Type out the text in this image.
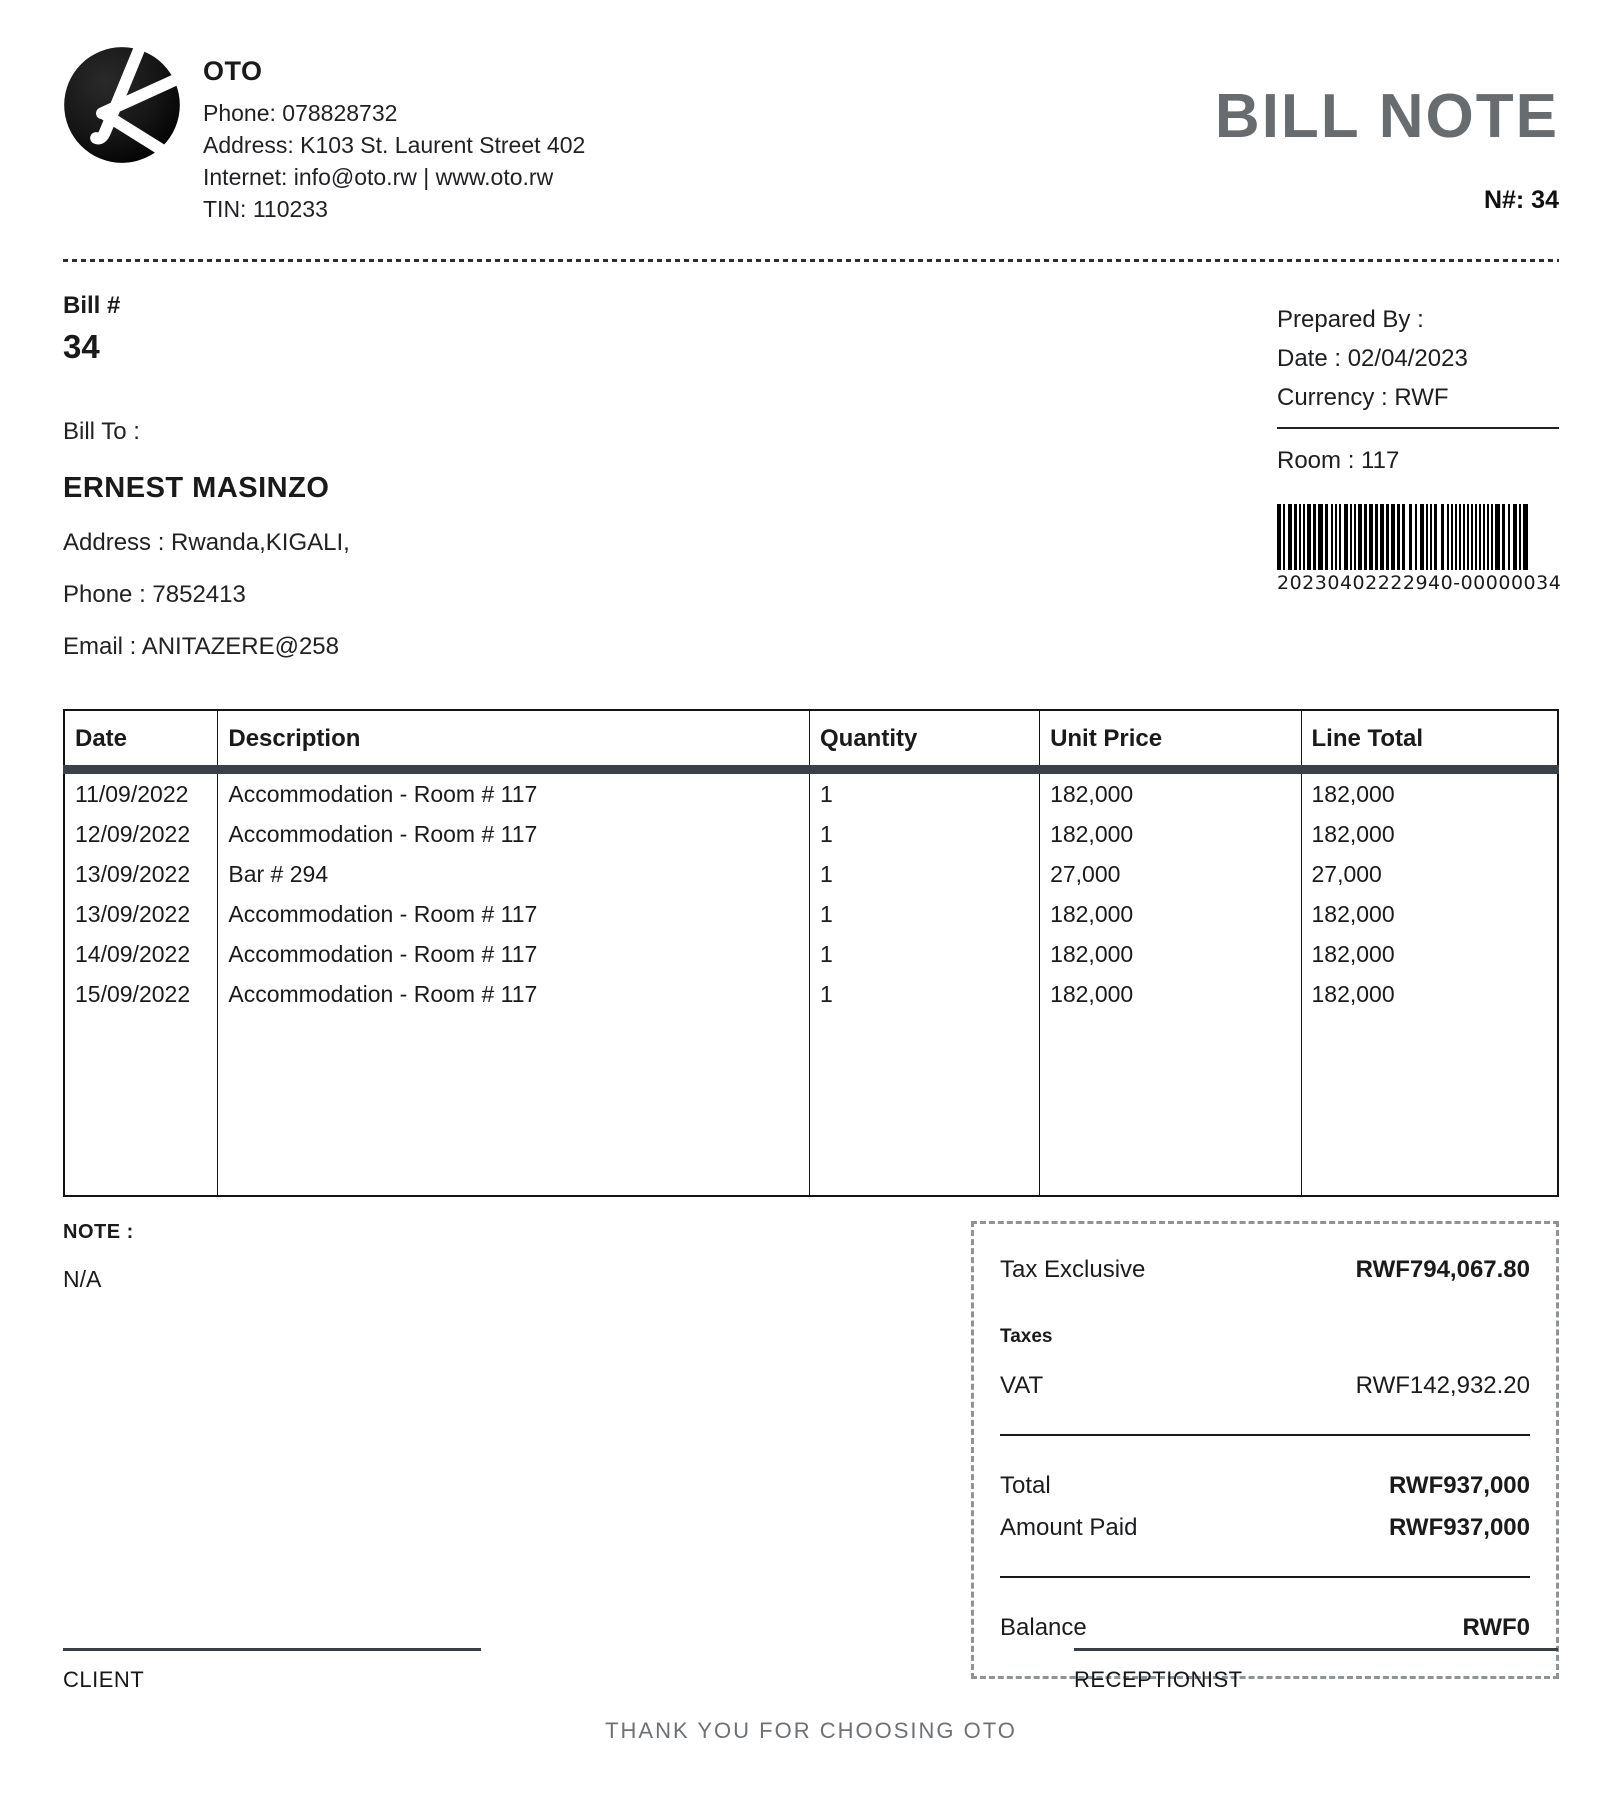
OTO
Phone: 078828732
Address: K103 St. Laurent Street 402
Internet: info@oto.rw | www.oto.rw
TIN: 110233
BILL NOTE
N#: 34
Bill #
34
Bill To :
ERNEST MASINZO
Address : Rwanda,KIGALI,
Phone : 7852413
Email : ANITAZERE@258
Prepared By :
Date : 02/04/2023
Currency : RWF
Room : 117
20230402222940-00000034
Date	Description	Quantity	Unit Price	Line Total
11/09/2022	Accommodation - Room # 117	1	182,000	182,000
12/09/2022	Accommodation - Room # 117	1	182,000	182,000
13/09/2022	Bar # 294	1	27,000	27,000
13/09/2022	Accommodation - Room # 117	1	182,000	182,000
14/09/2022	Accommodation - Room # 117	1	182,000	182,000
15/09/2022	Accommodation - Room # 117	1	182,000	182,000

NOTE :
N/A	Tax Exclusive	RWF794,067.80
Taxes
VAT	RWF142,932.20
Total	RWF937,000
Amount Paid	RWF937,000
Balance	RWF0
CLIENT	RECEPTIONIST
THANK YOU FOR CHOOSING OTO
